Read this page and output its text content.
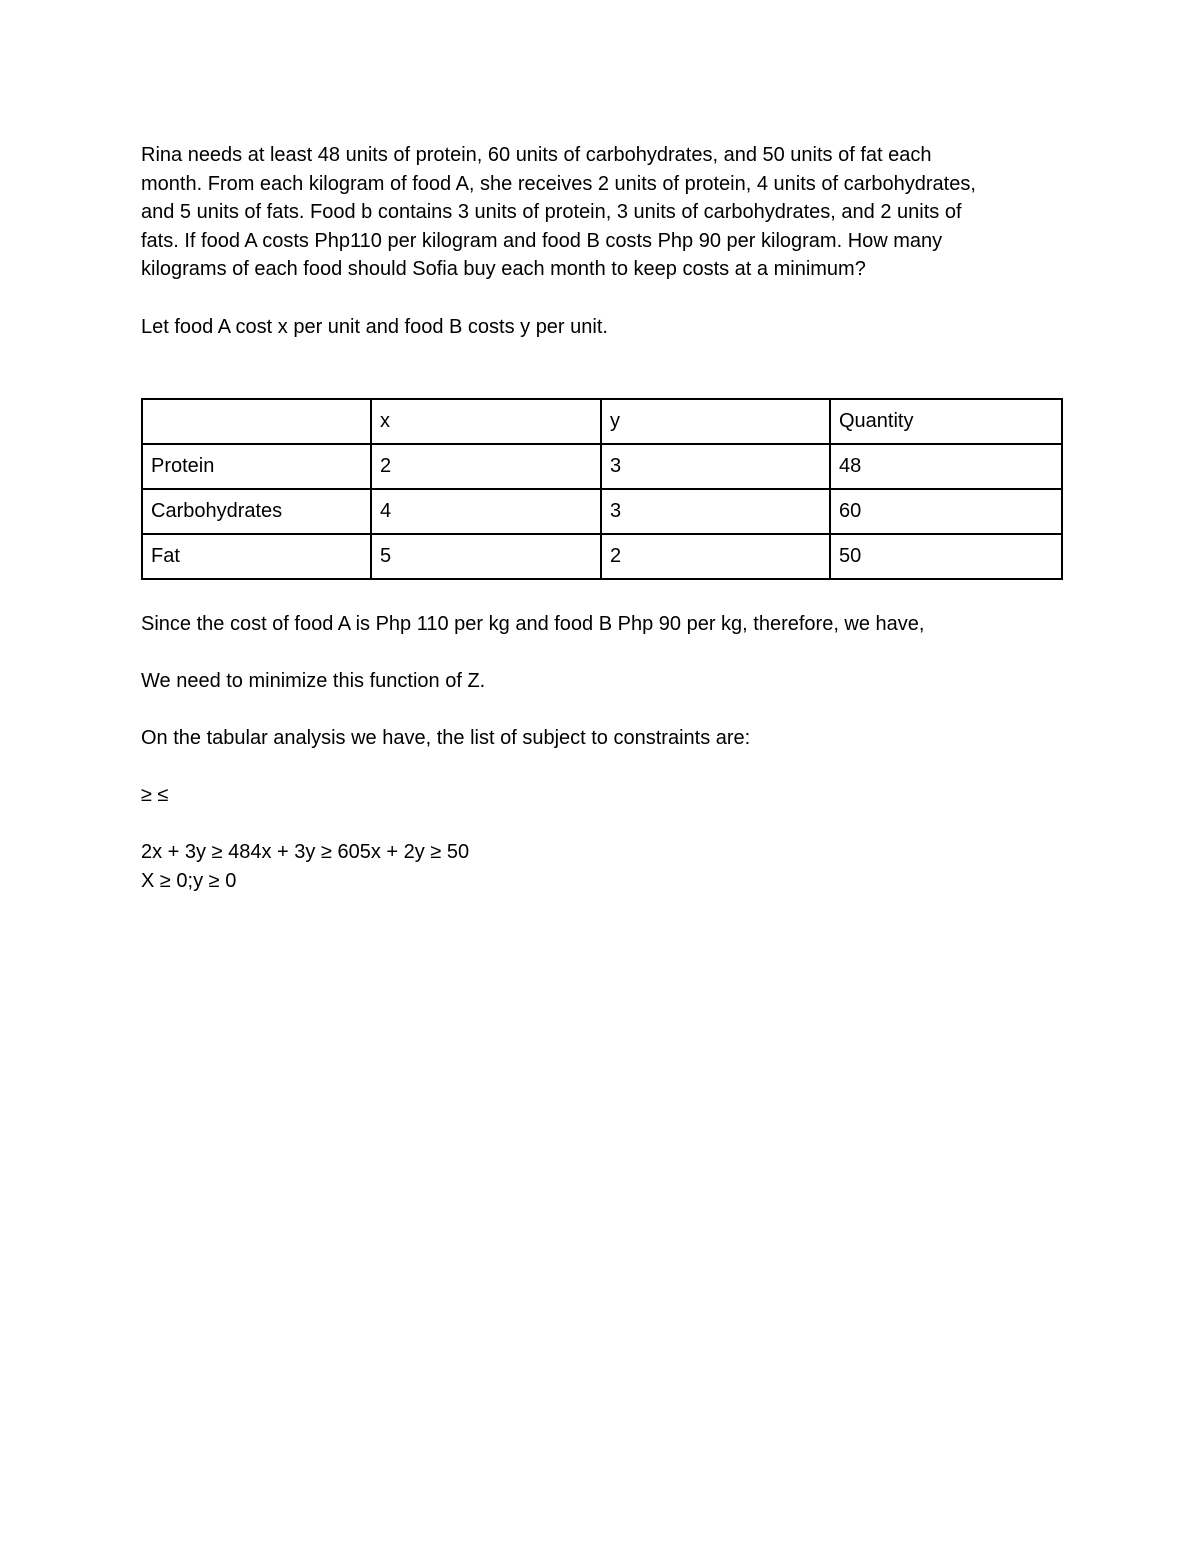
Rina needs at least 48 units of protein, 60 units of carbohydrates, and 50 units of fat each
month. From each kilogram of food A, she receives 2 units of protein, 4 units of carbohydrates,
and 5 units of fats. Food b contains 3 units of protein, 3 units of carbohydrates, and 2 units of
fats. If food A costs Php110 per kilogram and food B costs Php 90 per kilogram. How many
kilograms of each food should Sofia buy each month to keep costs at a minimum?

Let food A cost x per unit and food B costs y per unit.

	x	y	Quantity
Protein	2	3	48
Carbohydrates	4	3	60
Fat	5	2	50

Since the cost of food A is Php 110 per kg and food B Php 90 per kg, therefore, we have,

We need to minimize this function of Z.

On the tabular analysis we have, the list of subject to constraints are:

≥ ≤

2x + 3y ≥ 484x + 3y ≥ 605x + 2y ≥ 50
X ≥ 0;y ≥ 0
